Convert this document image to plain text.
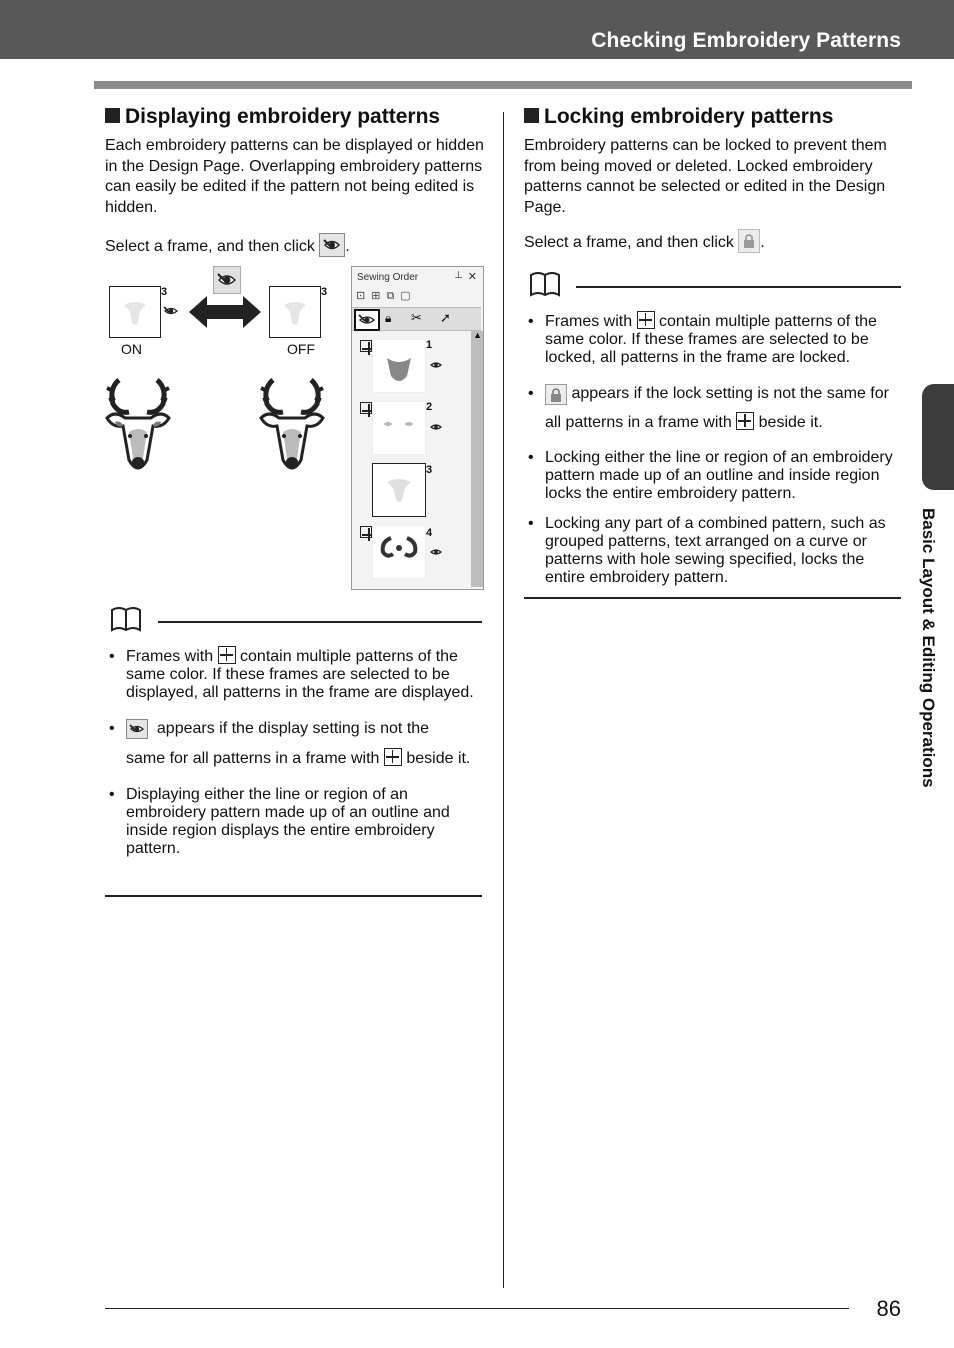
Checking Embroidery Patterns
Displaying embroidery patterns

Each embroidery patterns can be displayed or hidden in the Design Page. Overlapping embroidery patterns can easily be edited if the pattern not being edited is hidden.

Select a frame, and then click .

3	3
ON	OFF
Sewing Order	✕
⊥
⊡⊞⧉▢
🔒︎ ✂ ➚
▲
1
2
3
4
• Frames with contain multiple patterns of the same color. If these frames are selected to be displayed, all patterns in the frame are displayed.
• appears if the display setting is not the
same for all patterns in a frame with beside it.
• Displaying either the line or region of an embroidery pattern made up of an outline and inside region displays the entire embroidery pattern.
Locking embroidery patterns

Embroidery patterns can be locked to prevent them from being moved or deleted. Locked embroidery patterns cannot be selected or edited in the Design Page.

Select a frame, and then click .

• Frames with contain multiple patterns of the same color. If these frames are selected to be locked, all patterns in the frame are locked.
• appears if the lock setting is not the same for
all patterns in a frame with beside it.
• Locking either the line or region of an embroidery pattern made up of an outline and inside region locks the entire embroidery pattern.
• Locking any part of a combined pattern, such as grouped patterns, text arranged on a curve or patterns with hole sewing specified, locks the entire embroidery pattern.	Basic Layout & Editing Operations
86
